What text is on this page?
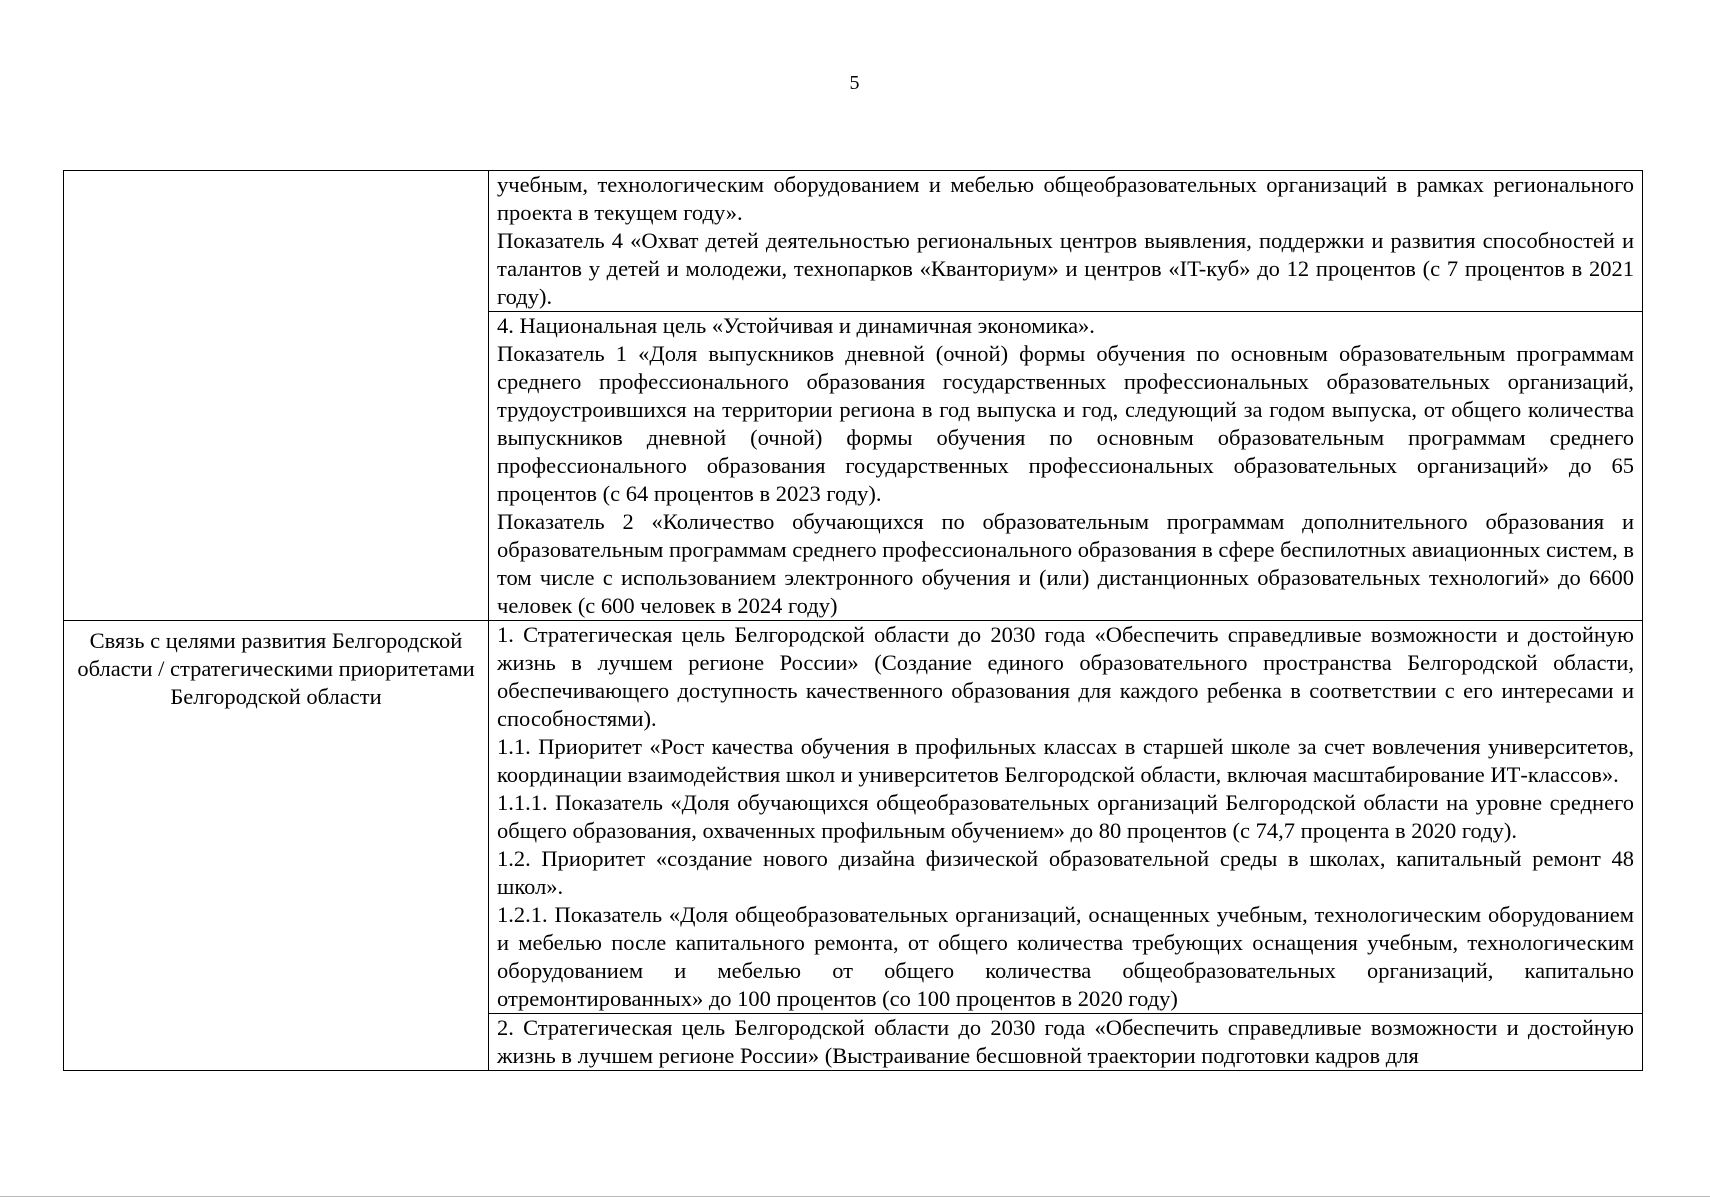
5

	учебным, технологическим оборудованием и мебелью общеобразовательных организаций в рамках регионального проекта в текущем году».

Показатель 4 «Охват детей деятельностью региональных центров выявления, поддержки и развития способностей и талантов у детей и молодежи, технопарков «Кванториум» и центров «IT-куб» до 12 процентов (с 7 процентов в 2021 году).

	4. Национальная цель «Устойчивая и динамичная экономика».

Показатель 1 «Доля выпускников дневной (очной) формы обучения по основным образовательным программам среднего профессионального образования государственных профессиональных образовательных организаций, трудоустроившихся на территории региона в год выпуска и год, следующий за годом выпуска, от общего количества выпускников дневной (очной) формы обучения по основным образовательным программам среднего профессионального образования государственных профессиональных образовательных организаций» до 65 процентов (с 64 процентов в 2023 году).

Показатель 2 «Количество обучающихся по образовательным программам дополнительного образования и образовательным программам среднего профессионального образования в сфере беспилотных авиационных систем, в том числе с использованием электронного обучения и (или) дистанционных образовательных технологий» до 6600 человек (с 600 человек в 2024 году)

Связь с целями развития Белгородской области / стратегическими приоритетами Белгородской области	1. Стратегическая цель Белгородской области до 2030 года «Обеспечить справедливые возможности и достойную жизнь в лучшем регионе России» (Создание единого образовательного пространства Белгородской области, обеспечивающего доступность качественного образования для каждого ребенка в соответствии с его интересами и способностями).

1.1. Приоритет «Рост качества обучения в профильных классах в старшей школе за счет вовлечения университетов, координации взаимодействия школ и университетов Белгородской области, включая масштабирование ИТ-классов».

1.1.1. Показатель «Доля обучающихся общеобразовательных организаций Белгородской области на уровне среднего общего образования, охваченных профильным обучением» до 80 процентов (с 74,7 процента в 2020 году).

1.2. Приоритет «создание нового дизайна физической образовательной среды в школах, капитальный ремонт 48 школ».

1.2.1. Показатель «Доля общеобразовательных организаций, оснащенных учебным, технологическим оборудованием и мебелью после капитального ремонта, от общего количества требующих оснащения учебным, технологическим оборудованием и мебелью от общего количества общеобразовательных организаций, капитально отремонтированных» до 100 процентов (со 100 процентов в 2020 году)

	2. Стратегическая цель Белгородской области до 2030 года «Обеспечить справедливые возможности и достойную жизнь в лучшем регионе России» (Выстраивание бесшовной траектории подготовки кадров для
